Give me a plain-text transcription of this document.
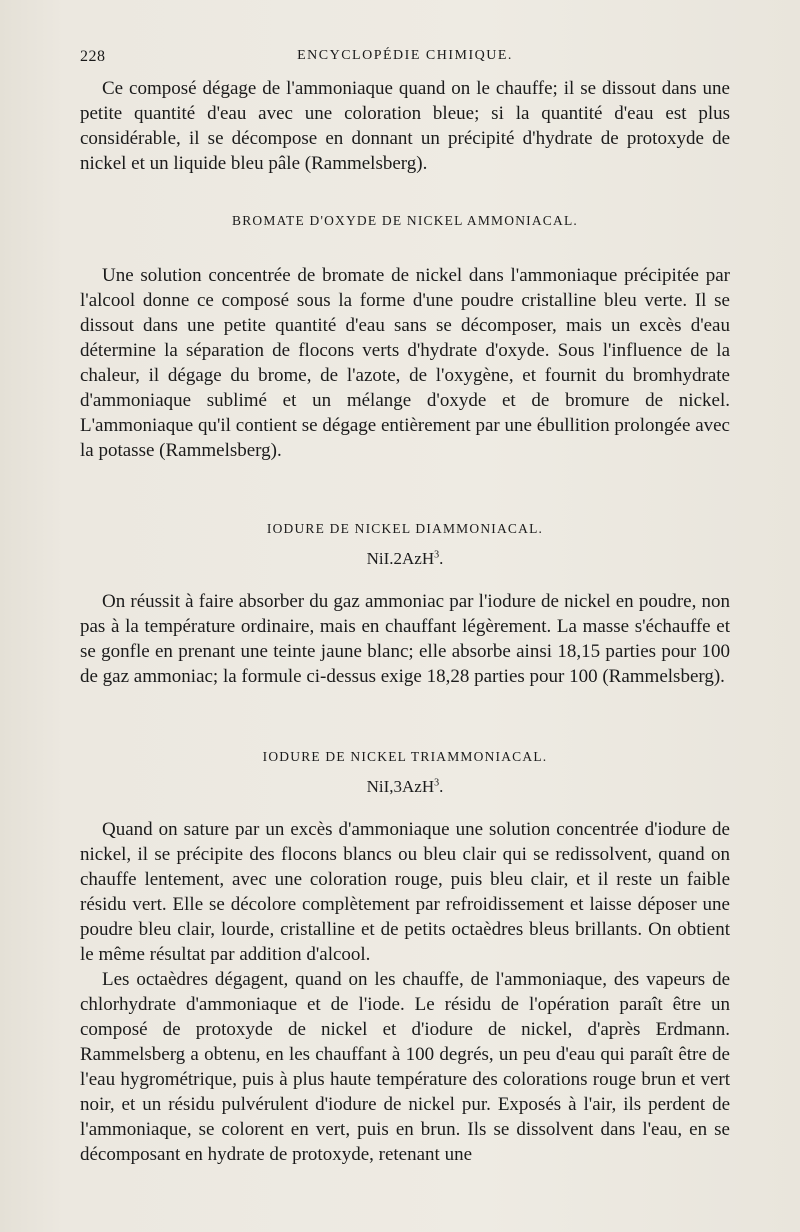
228	ENCYCLOPÉDIE CHIMIQUE.

Ce composé dégage de l'ammoniaque quand on le chauffe; il se dissout dans une petite quantité d'eau avec une coloration bleue; si la quantité d'eau est plus considérable, il se décompose en donnant un précipité d'hydrate de protoxyde de nickel et un liquide bleu pâle (Rammelsberg).

BROMATE D'OXYDE DE NICKEL AMMONIACAL.

Une solution concentrée de bromate de nickel dans l'ammoniaque précipitée par l'alcool donne ce composé sous la forme d'une poudre cristalline bleu verte. Il se dissout dans une petite quantité d'eau sans se décomposer, mais un excès d'eau détermine la séparation de flocons verts d'hydrate d'oxyde. Sous l'influence de la chaleur, il dégage du brome, de l'azote, de l'oxygène, et fournit du bromhydrate d'ammoniaque sublimé et un mélange d'oxyde et de bromure de nickel. L'ammoniaque qu'il contient se dégage entièrement par une ébullition prolongée avec la potasse (Rammelsberg).

IODURE DE NICKEL DIAMMONIACAL.
NiI.2AzH$^3$.

On réussit à faire absorber du gaz ammoniac par l'iodure de nickel en poudre, non pas à la température ordinaire, mais en chauffant légèrement. La masse s'échauffe et se gonfle en prenant une teinte jaune blanc; elle absorbe ainsi 18,15 parties pour 100 de gaz ammoniac; la formule ci-dessus exige 18,28 parties pour 100 (Rammelsberg).

IODURE DE NICKEL TRIAMMONIACAL.
NiI,3AzH$^3$.

Quand on sature par un excès d'ammoniaque une solution concentrée d'iodure de nickel, il se précipite des flocons blancs ou bleu clair qui se redissolvent, quand on chauffe lentement, avec une coloration rouge, puis bleu clair, et il reste un faible résidu vert. Elle se décolore complètement par refroidissement et laisse déposer une poudre bleu clair, lourde, cristalline et de petits octaèdres bleus brillants. On obtient le même résultat par addition d'alcool.

Les octaèdres dégagent, quand on les chauffe, de l'ammoniaque, des vapeurs de chlorhydrate d'ammoniaque et de l'iode. Le résidu de l'opération paraît être un composé de protoxyde de nickel et d'iodure de nickel, d'après Erdmann. Rammelsberg a obtenu, en les chauffant à 100 degrés, un peu d'eau qui paraît être de l'eau hygrométrique, puis à plus haute température des colorations rouge brun et vert noir, et un résidu pulvérulent d'iodure de nickel pur. Exposés à l'air, ils perdent de l'ammoniaque, se colorent en vert, puis en brun. Ils se dissolvent dans l'eau, en se décomposant en hydrate de protoxyde, retenant une
